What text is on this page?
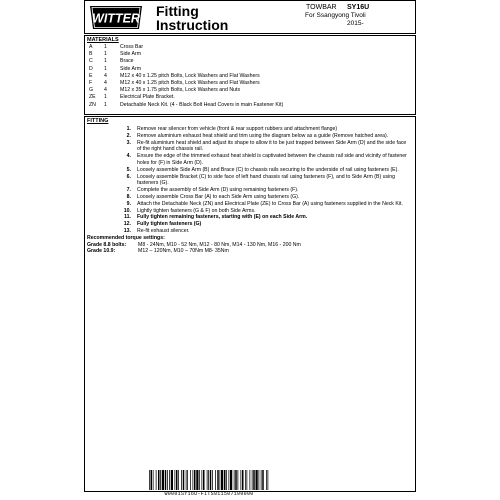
WITTER Fitting
Instruction
TOWBAR SY16U
For Ssangyong Tivoli
2015-
MATERIALS
A 1	Cross Bar
B 1	Side Arm
C 1	Brace
D 1	Side Arm
E 4	M12 x 40 x 1.25 pitch Bolts, Lock Washers and Flat Washers
F 4	M12 x 40 x 1.25 pitch Bolts, Lock Washers and Flat Washers
G 4	M12 x 35 x 1.75 pitch Bolts, Lock Washers and Nuts
ZE 1	Electrical Plate Bracket.
ZN 1	Detachable Neck Kit. (4 - Black Bolt Head Covers in main Fastener Kit)
FITTING
1. Remove rear silencer from vehicle (front & rear support rubbers and attachment flange)
2. Remove aluminium exhaust heat shield and trim using the diagram below as a guide (Remove hatched area).
3. Re-fit aluminium heat shield and adjust its shape to allow it to be just trapped between Side Arm (D) and the side face
of the right hand chassis rail.
4. Ensure the edge of the trimmed exhaust heat shield is captivated between the chassis rail side and vicinity of fastener
holes for (F) in Side Arm (D).
5. Loosely assemble Side Arm (B) and Brace (C) to chassis rails securing to the underside of rail using fasteners (E).
6. Loosely assemble Bracket (C) to side face of left hand chassis rail using fasteners (F), and to Side Arm (B) using
fasteners (G).
7. Complete the assembly of Side Arm (D) using remaining fasteners (F).
8. Loosely assemble Cross Bar (A) to each Side Arm using fasteners (G).
9. Attach the Detachable Neck (ZN) and Electrical Plate (ZE) to Cross Bar (A) using fasteners supplied in the Neck Kit.
10. Lightly tighten fasteners (G & F) on both Side Arms.
11. Fully tighten remaining fasteners, starting with (E) on each Side Arm.
12. Fully tighten fasteners (G)
13. Re-fit exhaust silencer.
Recommended torque settings:
Grade 8.8 bolts: M8 - 24Nm, M10 - 52 Nm, M12 - 80 Nm, M14 - 130 Nm, M16 - 200 Nm
Grade 10.9:	M12 – 120Nm, M10 – 70Nm M8- 35Nm
W0001SY16U-FITS011507100000
